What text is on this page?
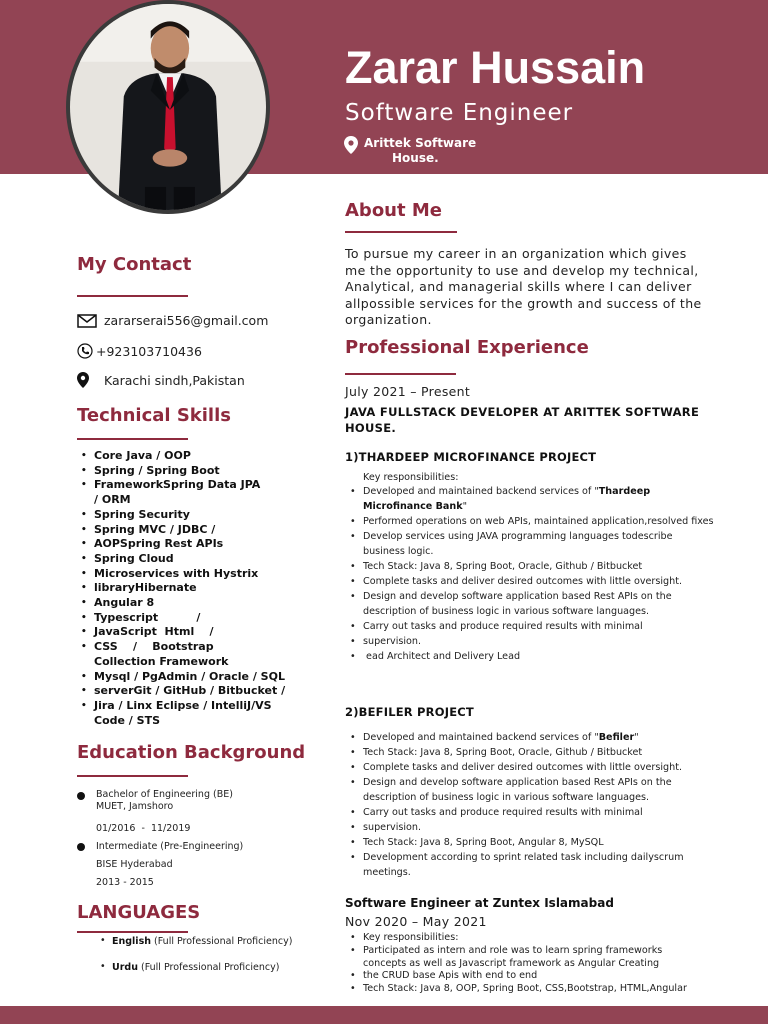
Zarar Hussain
Software Engineer
Arittek Software
House.
About Me
To pursue my career in an organization which gives me the opportunity to use and develop my technical, Analytical, and managerial skills where I can deliver allpossible services for the growth and success of the organization.
My Contact
zararserai556@gmail.com
+923103710436
Karachi sindh,Pakistan
Technical Skills
• Core Java / OOP
• Spring / Spring Boot
• FrameworkSpring Data JPA / ORM
• Spring Security
• Spring MVC / JDBC /
• AOPSpring Rest APIs
• Spring Cloud
• Microservices with Hystrix
• libraryHibernate
• Angular 8
• Typescript          /
• JavaScript  Html    /
• CSS    /    Bootstrap Collection Framework
• Mysql / PgAdmin / Oracle / SQL
• serverGit / GitHub / Bitbucket /
• Jira / Linx Eclipse / IntelliJ/VS Code / STS
Education Background
Bachelor of Engineering (BE)
MUET, Jamshoro
01/2016  -  11/2019
Intermediate (Pre-Engineering)
BISE Hyderabad
2013 - 2015
LANGUAGES
• English (Full Professional Proficiency)
• Urdu (Full Professional Proficiency)
Professional Experience
July 2021 – Present
JAVA FULLSTACK DEVELOPER AT ARITTEK SOFTWARE HOUSE.
1)THARDEEP MICROFINANCE PROJECT
Key responsibilities:
• Developed and maintained backend services of "Thardeep Microfinance Bank"
• Performed operations on web APIs, maintained application,resolved fixes
• Develop services using JAVA programming languages todescribe business logic.
• Tech Stack: Java 8, Spring Boot, Oracle, Github / Bitbucket
• Complete tasks and deliver desired outcomes with little oversight.
• Design and develop software application based Rest APIs on the description of business logic in various software languages.
• Carry out tasks and produce required results with minimal
• supervision.
•  ead Architect and Delivery Lead
2)BEFILER PROJECT
• Developed and maintained backend services of "Befiler"
• Tech Stack: Java 8, Spring Boot, Oracle, Github / Bitbucket
• Complete tasks and deliver desired outcomes with little oversight.
• Design and develop software application based Rest APIs on the description of business logic in various software languages.
• Carry out tasks and produce required results with minimal
• supervision.
• Tech Stack: Java 8, Spring Boot, Angular 8, MySQL
• Development according to sprint related task including dailyscrum meetings.
Software Engineer at Zuntex Islamabad
Nov 2020 – May 2021
• Key responsibilities:
• Participated as intern and role was to learn spring frameworks concepts as well as Javascript framework as Angular Creating
• the CRUD base Apis with end to end
• Tech Stack: Java 8, OOP, Spring Boot, CSS,Bootstrap, HTML,Angular
